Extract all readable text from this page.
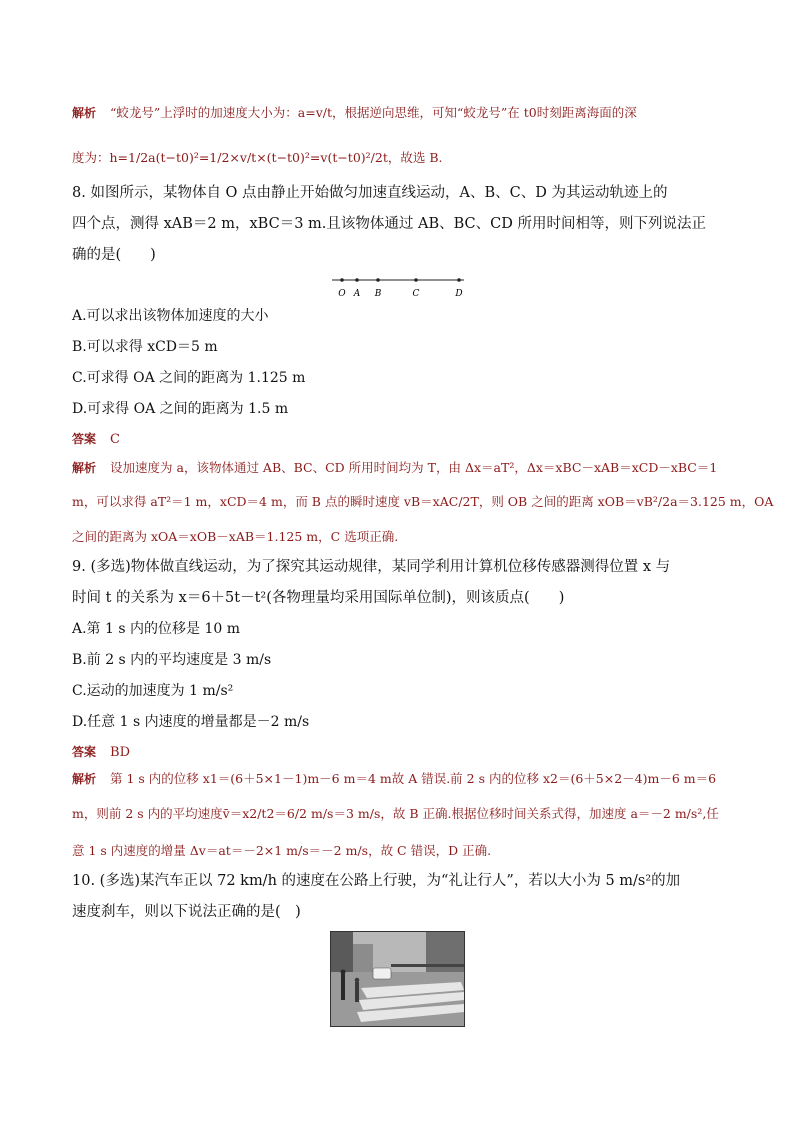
解析 “蛟龙号”上浮时的加速度大小为：a=v/t，根据逆向思维，可知“蛟龙号”在 t0时刻距离海面的深
度为：h=1/2a(t−t0)²=1/2×v/t×(t−t0)²=v(t−t0)²/2t，故选 B.
8. 如图所示，某物体自 O 点由静止开始做匀加速直线运动，A、B、C、D 为其运动轨迹上的
四个点，测得 xAB＝2 m，xBC＝3 m.且该物体通过 AB、BC、CD 所用时间相等，则下列说法正
确的是(　　)
O A B	C	D
A.可以求出该物体加速度的大小
B.可以求得 xCD＝5 m
C.可求得 OA 之间的距离为 1.125 m
D.可求得 OA 之间的距离为 1.5 m
答案 C
解析 设加速度为 a，该物体通过 AB、BC、CD 所用时间均为 T，由 Δx＝aT²，Δx＝xBC－xAB＝xCD－xBC＝1
m，可以求得 aT²＝1 m，xCD＝4 m，而 B 点的瞬时速度 vB＝xAC/2T，则 OB 之间的距离 xOB＝vB²/2a＝3.125 m，OA
之间的距离为 xOA＝xOB－xAB＝1.125 m，C 选项正确.
9. (多选)物体做直线运动，为了探究其运动规律，某同学利用计算机位移传感器测得位置 x 与
时间 t 的关系为 x＝6＋5t－t²(各物理量均采用国际单位制)，则该质点(　　)
A.第 1 s 内的位移是 10 m
B.前 2 s 内的平均速度是 3 m/s
C.运动的加速度为 1 m/s²
D.任意 1 s 内速度的增量都是－2 m/s
答案 BD
解析 第 1 s 内的位移 x1＝(6＋5×1－1)m－6 m＝4 m故 A 错误.前 2 s 内的位移 x2＝(6＋5×2－4)m－6 m＝6
m，则前 2 s 内的平均速度v̄＝x2/t2＝6/2 m/s＝3 m/s，故 B 正确.根据位移时间关系式得，加速度 a＝－2 m/s²,任
意 1 s 内速度的增量 Δv＝at＝－2×1 m/s＝－2 m/s，故 C 错误，D 正确.
10. (多选)某汽车正以 72 km/h 的速度在公路上行驶，为“礼让行人”，若以大小为 5 m/s²的加
速度刹车，则以下说法正确的是(　)
